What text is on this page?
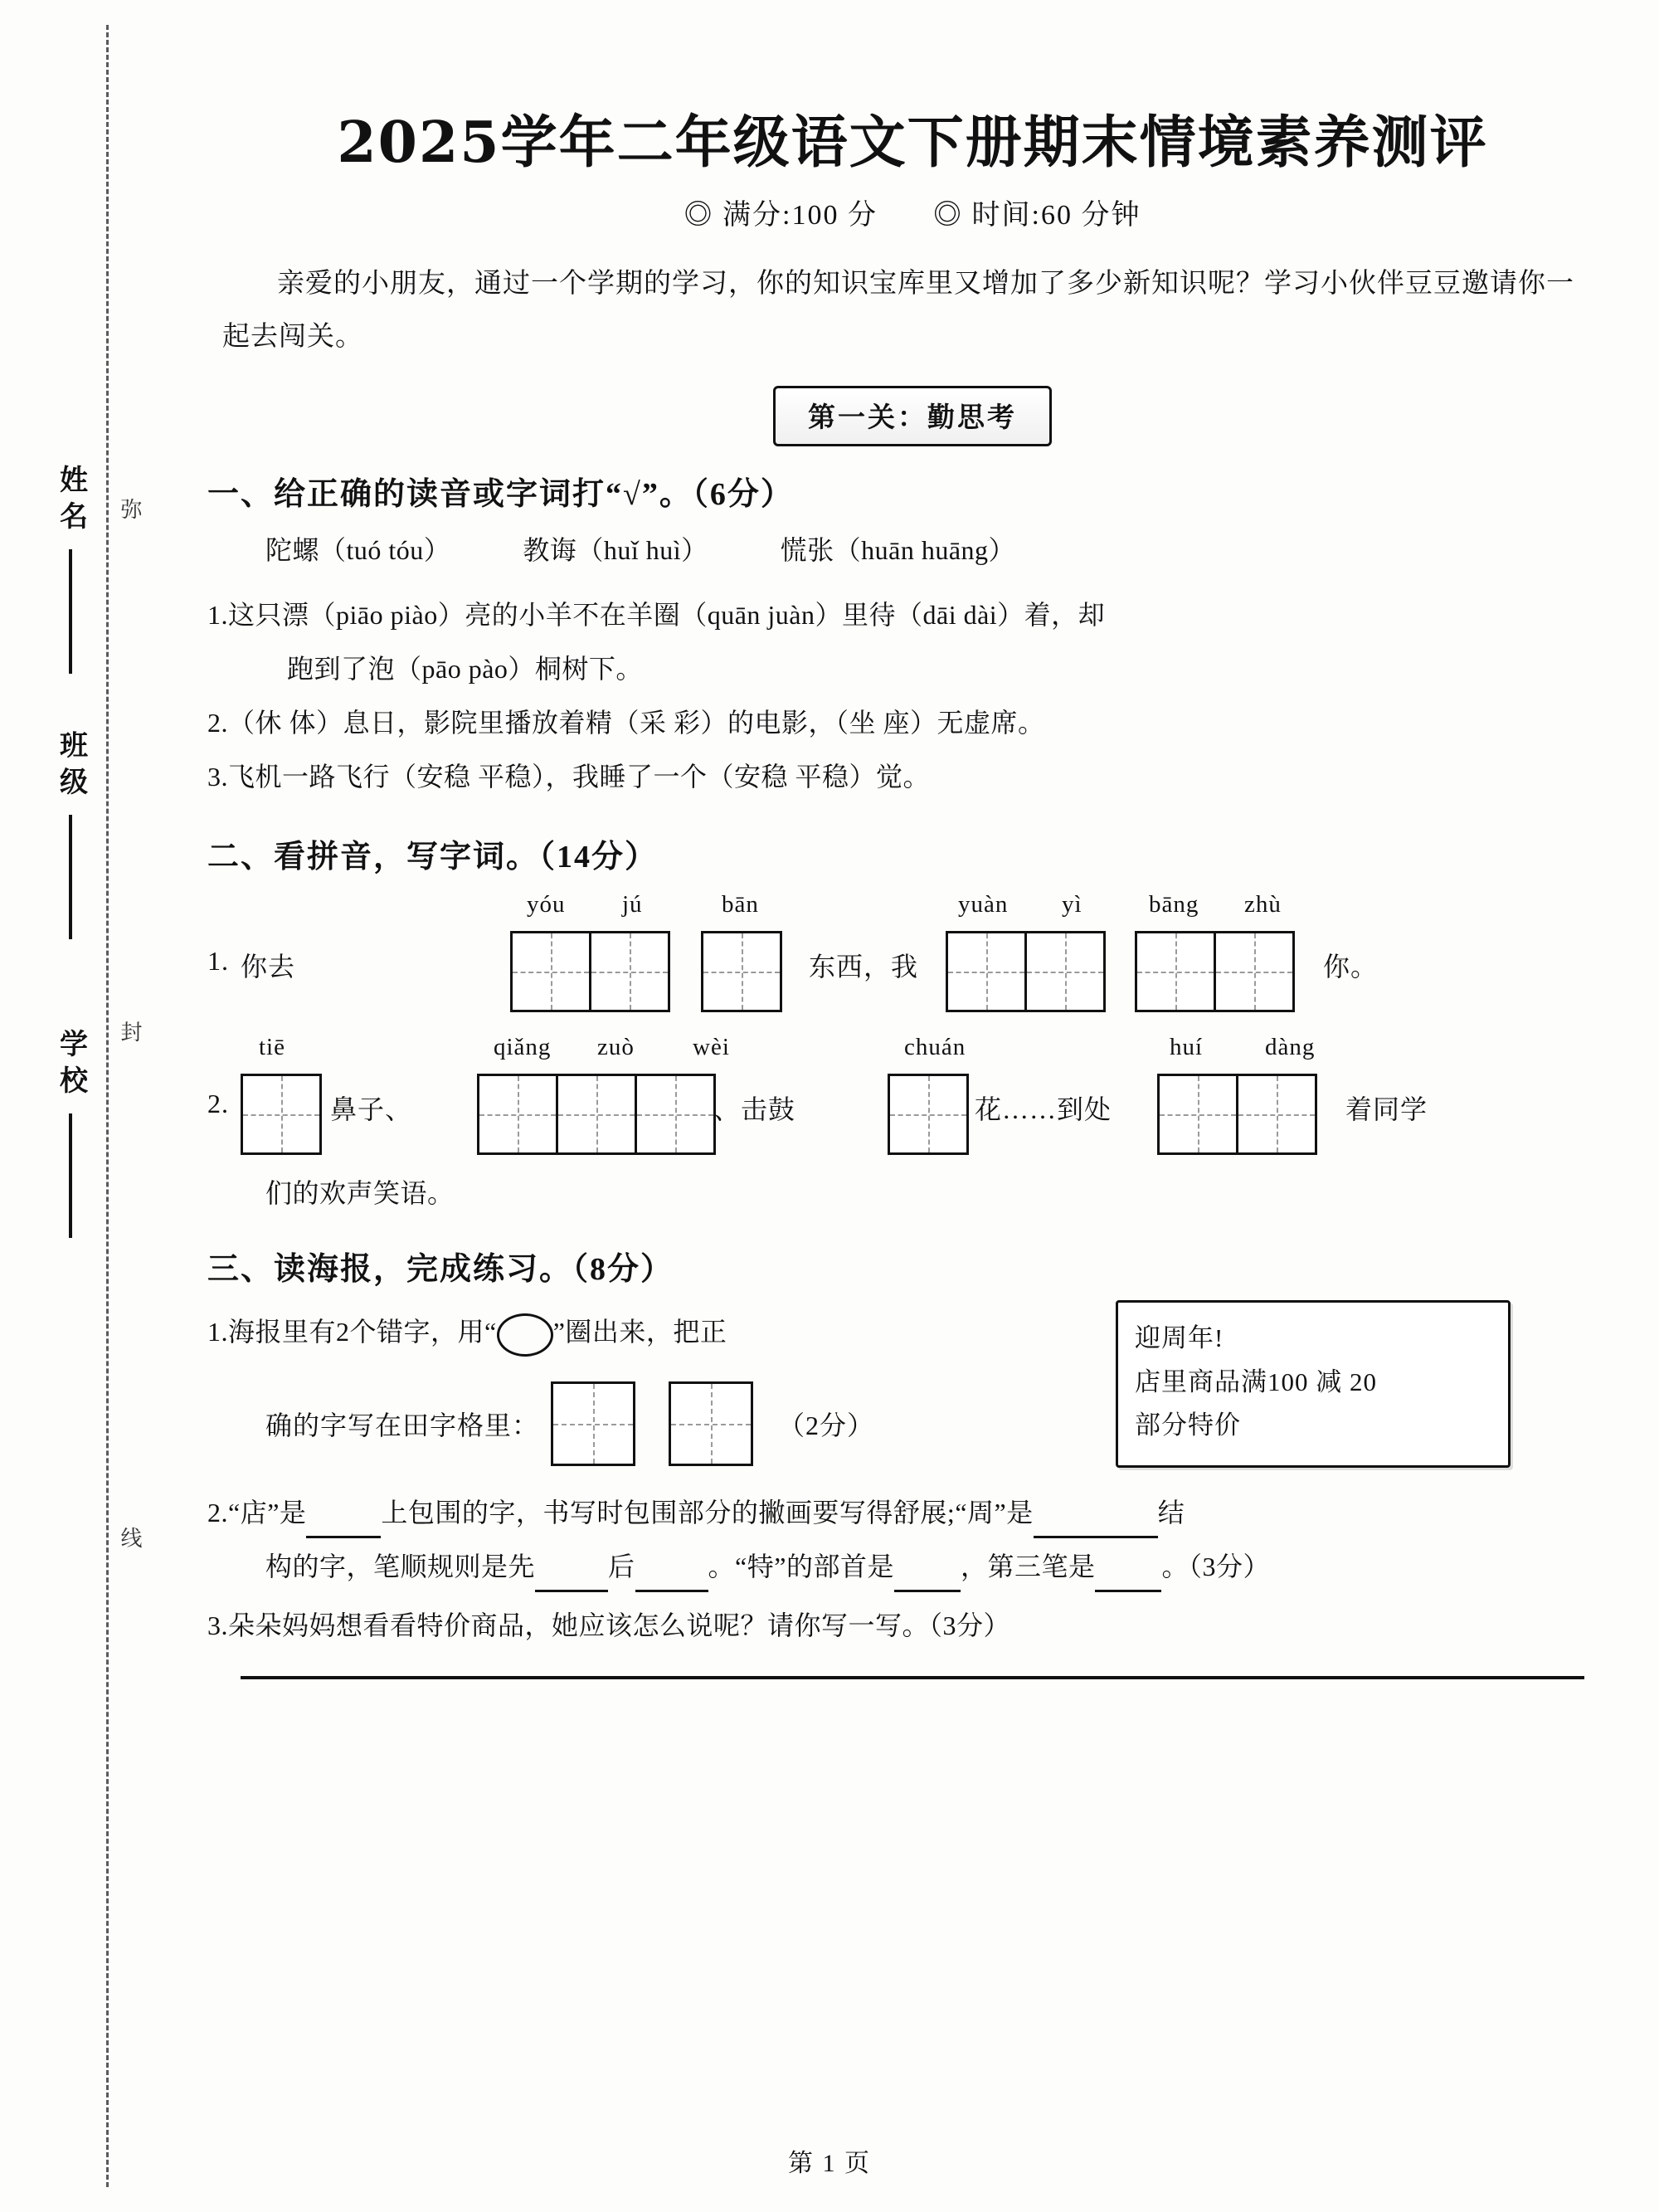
姓名
班级
学校
弥
封
线
2025学年二年级语文下册期末情境素养测评
◎ 满分:100 分 ◎ 时间:60 分钟

亲爱的小朋友，通过一个学期的学习，你的知识宝库里又增加了多少新知识呢？学习小伙伴豆豆邀请你一起去闯关。

第一关：勤思考
一、给正确的读音或字词打“√”。（6分）
陀螺（tuó tóu）	教诲（huǐ huì）	慌张（huān huāng）
1.这只漂（piāo piào）亮的小羊不在羊圈（quān juàn）里待（dāi dài）着，却
跑到了泡（pāo pào）桐树下。
2.（休 体）息日，影院里播放着精（采 彩）的电影，（坐 座）无虚席。
3.飞机一路飞行（安稳 平稳），我睡了一个（安稳 平稳）觉。
二、看拼音，写字词。（14分）
yóu jú	bān	yuàn yì	bāng zhù
1. 你去	东西，我	你。
tiē	qiǎng zuò wèi	chuán	huí	dàng
2.	鼻子、	、击鼓	花……到处	着同学
们的欢声笑语。
三、读海报，完成练习。（8分）
1.海报里有2个错字，用“ ”圈出来，把正
确的字写在田字格里：	（2分）

迎周年!

店里商品满100 减 20

部分特价

2.“店”是	上包围的字，书写时包围部分的撇画要写得舒展;“周”是	结
构的字，笔顺规则是先	后	。“特”的部首是	，第三笔是	。（3分）
3.朵朵妈妈想看看特价商品，她应该怎么说呢？请你写一写。（3分）
第 1 页
